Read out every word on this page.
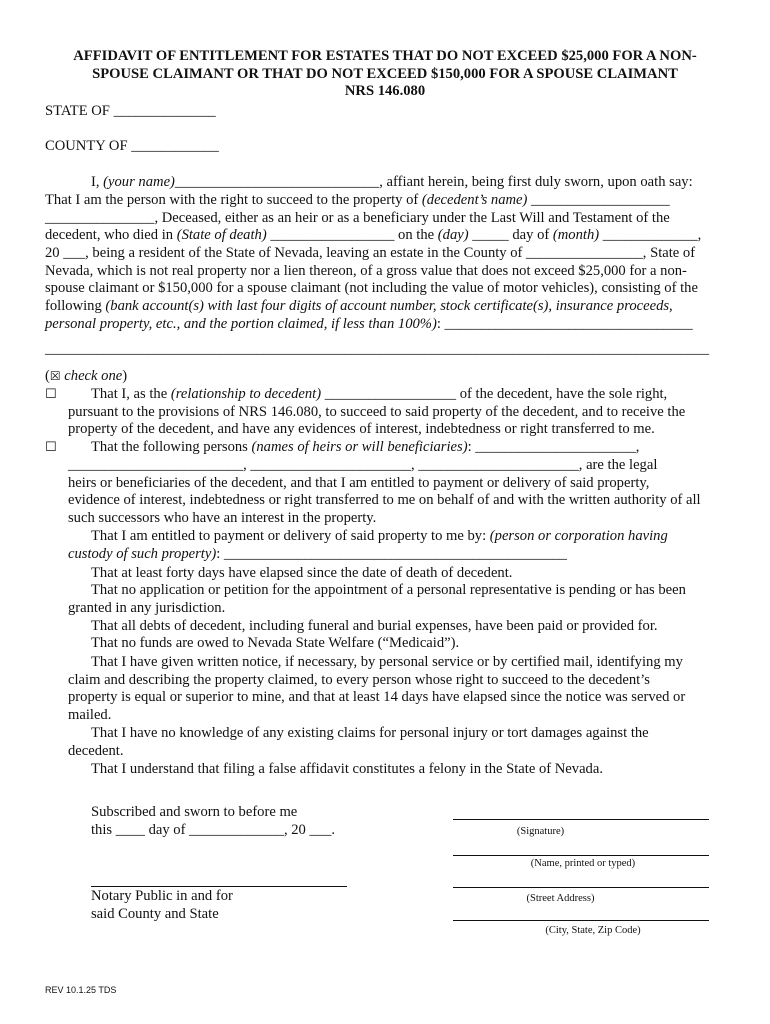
AFFIDAVIT OF ENTITLEMENT FOR ESTATES THAT DO NOT EXCEED $25,000 FOR A NON-
SPOUSE CLAIMANT OR THAT DO NOT EXCEED $150,000 FOR A SPOUSE CLAIMANT
NRS 146.080
STATE OF ______________
COUNTY OF ____________
I, (your name)____________________________, affiant herein, being first duly sworn, upon oath say:
That I am the person with the right to succeed to the property of (decedent’s name) ___________________
_______________, Deceased, either as an heir or as a beneficiary under the Last Will and Testament of the
decedent, who died in (State of death) _________________ on the (day) _____ day of (month) _____________,
20 ___, being a resident of the State of Nevada, leaving an estate in the County of ________________, State of
Nevada, which is not real property nor a lien thereon, of a gross value that does not exceed $25,000 for a non-
spouse claimant or $150,000 for a spouse claimant (not including the value of motor vehicles), consisting of the
following (bank account(s) with last four digits of account number, stock certificate(s), insurance proceeds,
personal property, etc., and the portion claimed, if less than 100%): __________________________________
___________________________________________________________________________________________
(☒ check one)
☐ That I, as the (relationship to decedent) __________________ of the decedent, have the sole right,
pursuant to the provisions of NRS 146.080, to succeed to said property of the decedent, and to receive the
property of the decedent, and have any evidences of interest, indebtedness or right transferred to me.
☐ That the following persons (names of heirs or will beneficiaries): ______________________,
________________________, ______________________, ______________________, are the legal
heirs or beneficiaries of the decedent, and that I am entitled to payment or delivery of said property,
evidence of interest, indebtedness or right transferred to me on behalf of and with the written authority of all
such successors who have an interest in the property.
That I am entitled to payment or delivery of said property to me by: (person or corporation having
custody of such property): _______________________________________________
That at least forty days have elapsed since the date of death of decedent.
That no application or petition for the appointment of a personal representative is pending or has been
granted in any jurisdiction.
That all debts of decedent, including funeral and burial expenses, have been paid or provided for.
That no funds are owed to Nevada State Welfare (“Medicaid”).
That I have given written notice, if necessary, by personal service or by certified mail, identifying my
claim and describing the property claimed, to every person whose right to succeed to the decedent’s
property is equal or superior to mine, and that at least 14 days have elapsed since the notice was served or
mailed.
That I have no knowledge of any existing claims for personal injury or tort damages against the
decedent.
That I understand that filing a false affidavit constitutes a felony in the State of Nevada.
Subscribed and sworn to before me
this ____ day of _____________, 20 ___.
Notary Public in and for
said County and State
(Signature)
(Name, printed or typed)
(Street Address)
(City, State, Zip Code)
REV 10.1.25 TDS
